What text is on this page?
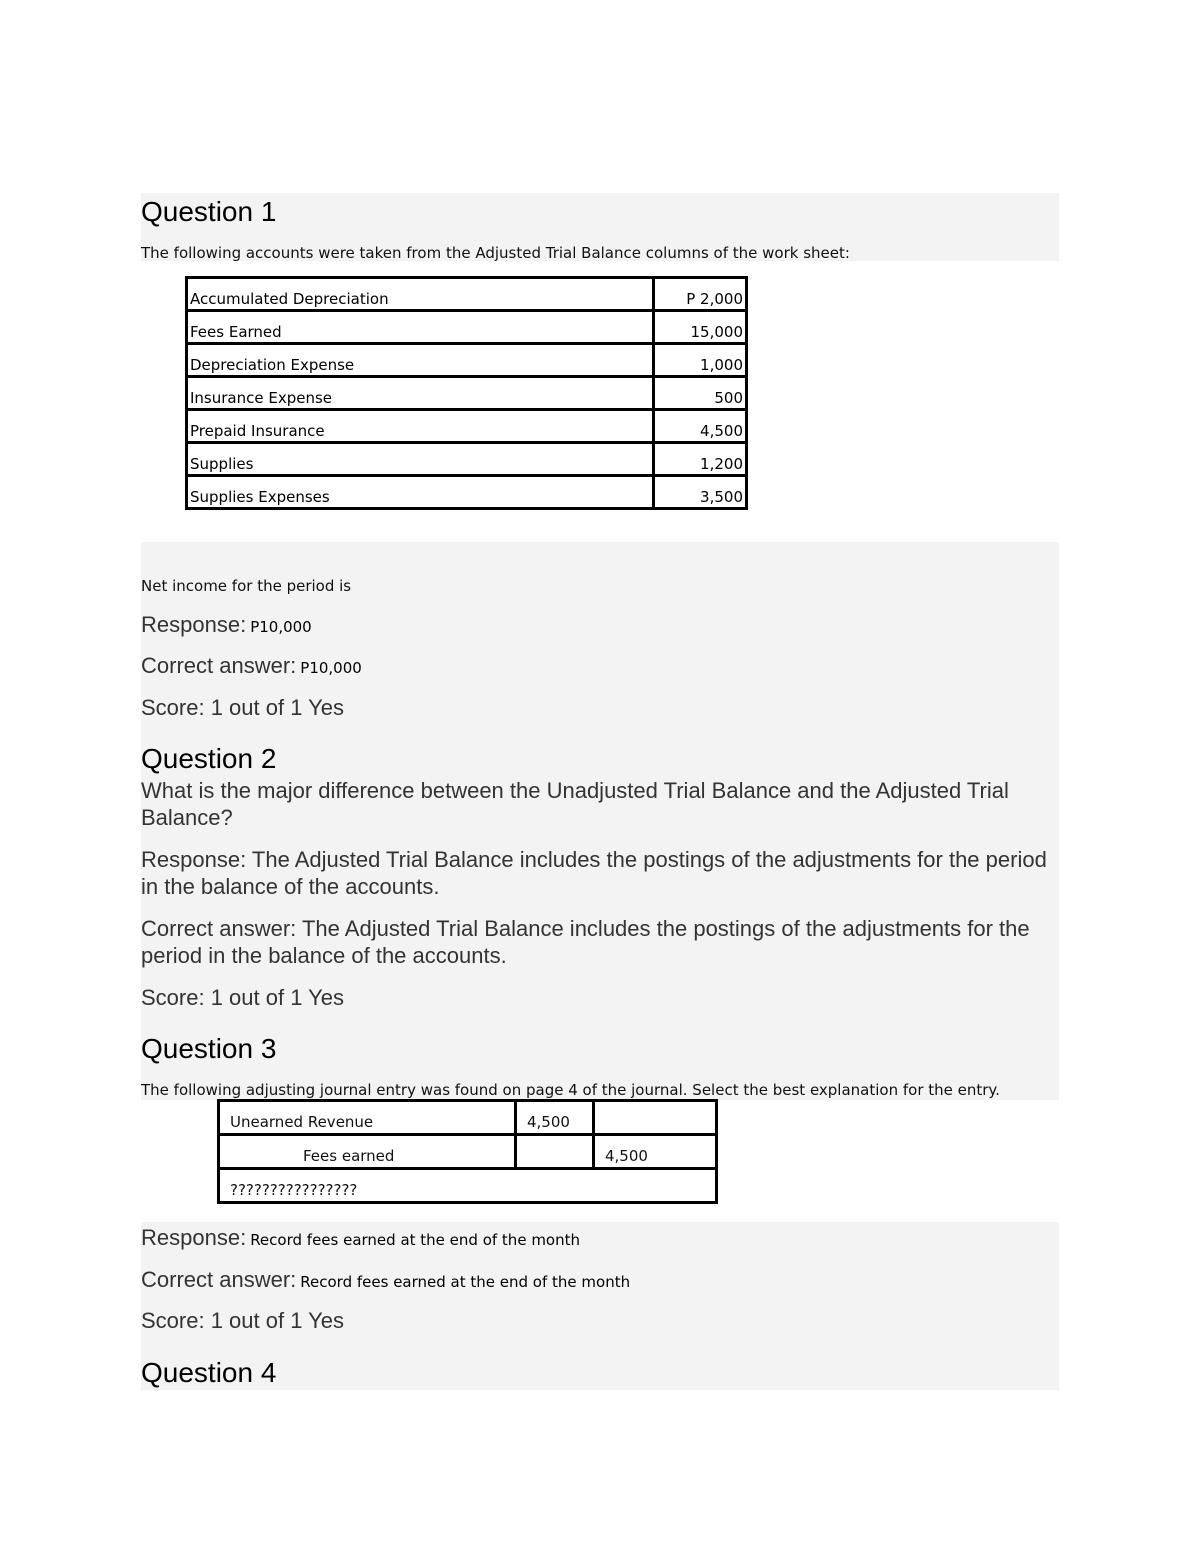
Question 1
The following accounts were taken from the Adjusted Trial Balance columns of the work sheet:
Accumulated Depreciation	P 2,000
Fees Earned	15,000
Depreciation Expense	1,000
Insurance Expense	500
Prepaid Insurance	4,500
Supplies	1,200
Supplies Expenses	3,500
Net income for the period is
Response: P10,000
Correct answer: P10,000
Score: 1 out of 1 Yes
Question 2
What is the major difference between the Unadjusted Trial Balance and the Adjusted Trial Balance?
Response: The Adjusted Trial Balance includes the postings of the adjustments for the period in the balance of the accounts.
Correct answer: The Adjusted Trial Balance includes the postings of the adjustments for the period in the balance of the accounts.
Score: 1 out of 1 Yes
Question 3
The following adjusting journal entry was found on page 4 of the journal. Select the best explanation for the entry.
Unearned Revenue	4,500	
Fees earned		4,500
????????????????		
Response: Record fees earned at the end of the month
Correct answer: Record fees earned at the end of the month
Score: 1 out of 1 Yes
Question 4
